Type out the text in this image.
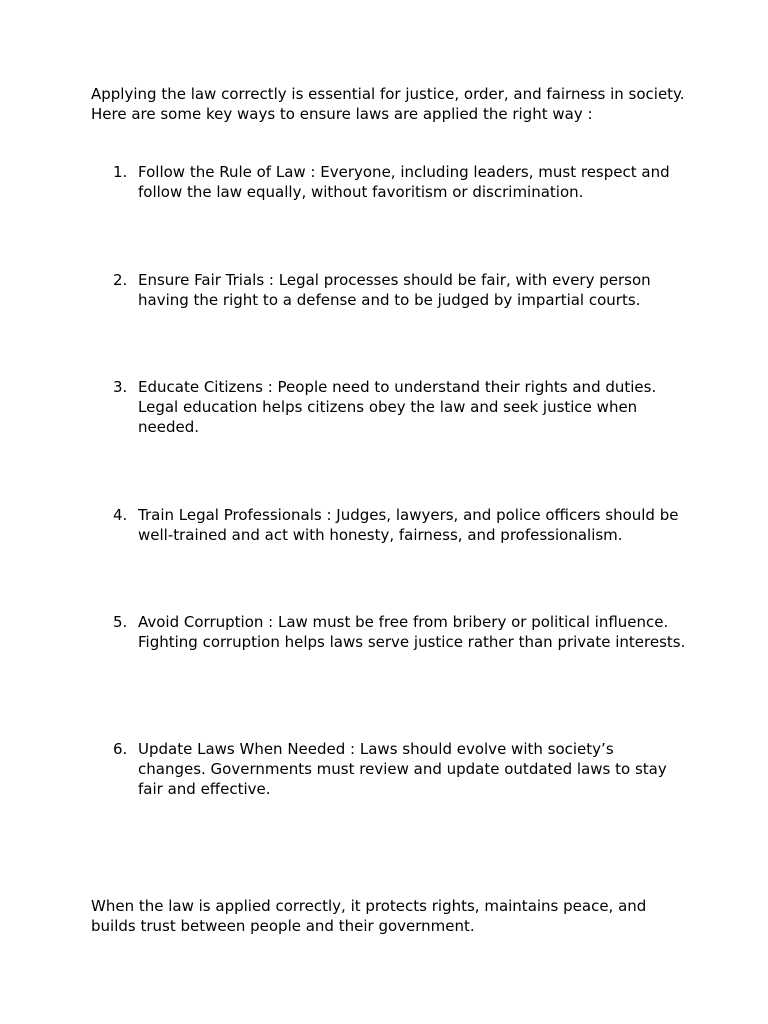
Applying the law correctly is essential for justice, order, and fairness in society. Here are some key ways to ensure laws are applied the right way :

1. Follow the Rule of Law : Everyone, including leaders, must respect and follow the law equally, without favoritism or discrimination.
2. Ensure Fair Trials : Legal processes should be fair, with every person having the right to a defense and to be judged by impartial courts.
3. Educate Citizens : People need to understand their rights and duties. Legal education helps citizens obey the law and seek justice when needed.
4. Train Legal Professionals : Judges, lawyers, and police officers should be well-trained and act with honesty, fairness, and professionalism.
5. Avoid Corruption : Law must be free from bribery or political influence. Fighting corruption helps laws serve justice rather than private interests.
6. Update Laws When Needed : Laws should evolve with society’s changes. Governments must review and update outdated laws to stay fair and effective.

When the law is applied correctly, it protects rights, maintains peace, and builds trust between people and their government.
